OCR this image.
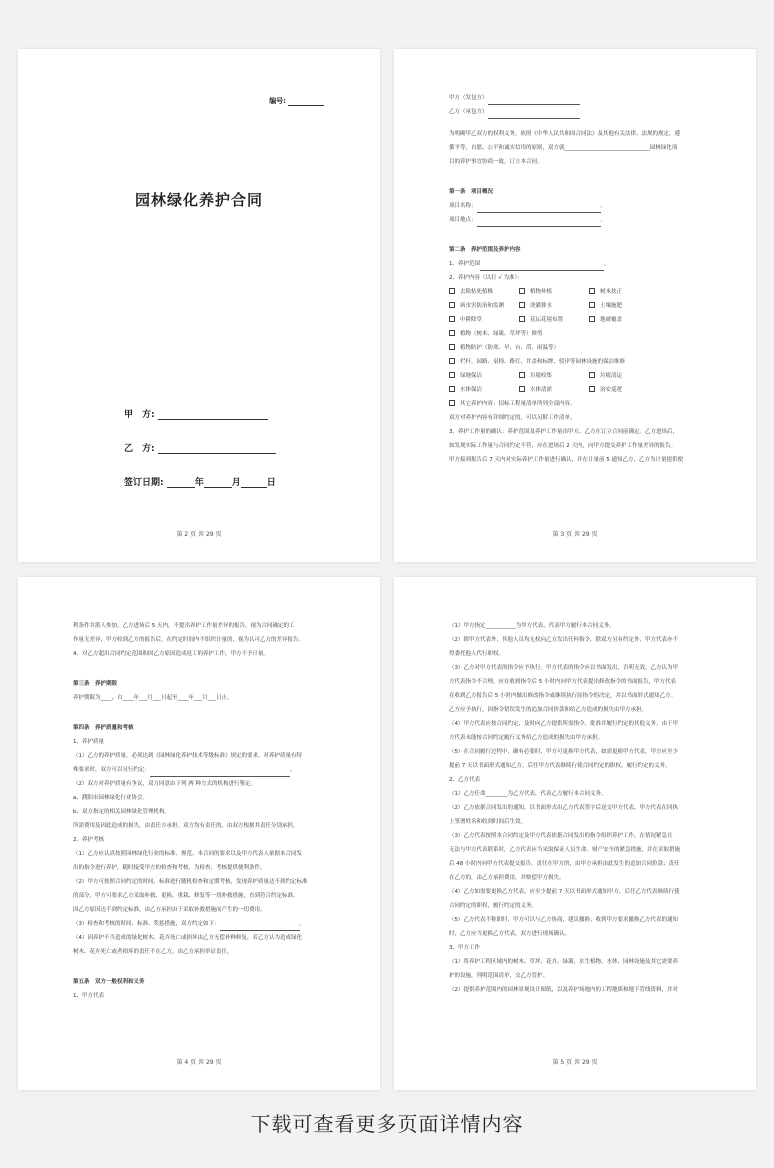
编号:
园林绿化养护合同
甲　方:
乙　方:
签订日期:	年	月	日
第 2 页 共 29 页
甲方（发包方）
乙方（承包方）
为明确甲乙双方的权利义务，依照《中华人民共和国合同法》及其他有关法律、法规的规定，遵
循平等、自愿、公平和诚实信用的原则，双方就_______________________________园林绿化项
目的养护事宜协商一致，订立本合同。
第一条　项目概况
项目名称：	。
项目地点：	。
第二条　养护范围及养护内容
1、养护范围	。
2、养护内容（以打 √ 为准）：
去除枯死植株	植物补植	树木扶正
病虫害防治和监测	浇灌排水	土壤施肥
中耕除草	花坛花境布置	地被覆盖
植物（树木、绿篱、草坪等）修剪
植物防护（防寒、旱、台、涝、雨温等）
栏杆、园路、桌椅、路灯、井盖和标牌、驳岸等园林设施的保洁维修
绿地保洁	垃圾收集	垃圾清运
水体保洁	水体清淤	治安巡逻
其它养护内容：招标工程量清单所列全部内容。
双方对养护内容有详细约定的，可以另附工作清单。
3、养护工作量的确认：养护范围及养护工作量由甲方、乙方在订立合同前确定。乙方进场后，
如发现实际工作量与合同约定不符，应在进场后 2 天内，向甲方提交养护工作量差异的报告。
甲方接到报告后 7 天内对实际养护工作量进行确认，并在计量前 5 通知乙方，乙方为计量提供便
第 3 页 共 29 页
利条件并派人参加。乙方进场后 5 天内，不提出养护工作量差异的报告，视为合同确定的工
作量无差异；甲方收到乙方的报告后，在约定时间内不组织计量的，视为认可乙方的差异报告。
4、对乙方超出合同约定范围和因乙方原因造成返工的养护工作，甲方不予计量。
第三条　养护期限
养护期限为____，自____年___月___日起至____年___月___日止。
第四条　养护质量和考核
1、养护质量
（1）乙方的养护质量，必须达到《园林绿化养护技术等级标准》规定的要求。对养护质量有特
殊要求时，双方可以另行约定：	。
（2）双方对养护质量有争议，双方同意由下列 两 种方式的机构进行鉴定。
a、濮阳市园林绿化行业协会。
b、双方指定的相关园林绿化管理机构。
所需费用及因此造成的损失，由责任方承担。双方均有责任的，由双方根据其责任分别承担。
2、养护考核
（1）乙方应认真按照园林绿化行业的标准、规范、本合同的要求以及甲方代表人依据本合同发
出的指令进行养护，随时接受甲方的检查和考核，为检查、考核提供便利条件。
（2）甲方可按照合同约定的时间、标准进行随机检查和定期考核，发现养护质量达不到约定标准
的部分，甲方可要求乙方采取补救、更换、重栽、修复等一切补救措施，直到符合约定标准。
因乙方原因达不到约定标准，由乙方承担由于采取补救措施而产生的一切费用。
（3）检查和考核的时间、标准、奖惩措施，双方约定如下：	。
（4）因养护不当造成的绿化树木、花卉死亡或损坏由乙方无偿补种修复，若乙方认为造成绿化
树木、花卉死亡或者损坏的责任不在乙方，由乙方承担举证责任。
第五条　双方一般权利和义务
1、甲方代表
第 4 页 共 29 页
（1）甲方指定___________为甲方代表，代表甲方履行本合同义务。
（2）除甲方代表外，其他人员均无权向乙方发出任何指令，除双方另有约定外，甲方代表亦不
得委托他人代行职权。
（3）乙方对甲方代表的指令应予执行。甲方代表的指令应以书面发出，否明无效。乙方认为甲
方代表指令不合理，应在收到指令后 5 小时内向甲方代表提出修改指令的书面报告，甲方代表
在收到乙方报告后 5 小时内做出修改指令或继续执行原指令的决定，并以书面形式通知乙方。
乙方应予执行，因指令错误发生的追加合同价款和给乙方造成的损失由甲方承担。
（4）甲方代表应按合同约定，及时向乙方提供所需指令、批准并履行约定的其他义务。由于甲
方代表未能按合同约定履行义务给乙方造成的损失由甲方承担。
（5）在合同履行过程中，确有必要时，甲方可更换甲方代表，如需更换甲方代表，甲方应至少
提前 7 天以书面形式通知乙方。后任甲方代表继续行使合同约定的职权，履行约定的义务。
2、乙方代表
（1）乙方任命________为乙方代表，代表乙方履行本合同义务。
（2）乙方依据合同发出的通知，以书面形式由乙方代表签字后送交甲方代表，甲方代表在回执
上签署姓名和收到时间后生效。
（3）乙方代表按照本合同约定及甲方代表依据合同发出的指令组织养护工作。在情况紧急且
无法与甲方代表联系时，乙方代表应当采取保证人员生命、财产安全的紧急措施，并在采取措施
后 48 小时内向甲方代表提交报告。责任在甲方的，由甲方承担由此发生的追加合同价款；责任
在乙方的，由乙方承担费用，并赔偿甲方损失。
（4）乙方如需要更换乙方代表，应至少提前 7 天以书面形式通知甲方，后任乙方代表继续行使
合同约定的职权，履行约定的义务。
（5）乙方代表不称职时，甲方可以与乙方协商，建议撤换；收到甲方要求撤换乙方代表的通知
时，乙方应当更换乙方代表，双方进行现场确认。
3、甲方工作
（1）将养护工程区域内的树木、草坪、花卉、绿篱、水生植物、水体、园林设施及其它需要养
护的设施，列明范围清单，交乙方管护。
（2）提供养护范围内的园林景观设计图纸，以及养护场地内的工程地质和地下管线资料，并对
第 5 页 共 29 页
下载可查看更多页面详情内容
